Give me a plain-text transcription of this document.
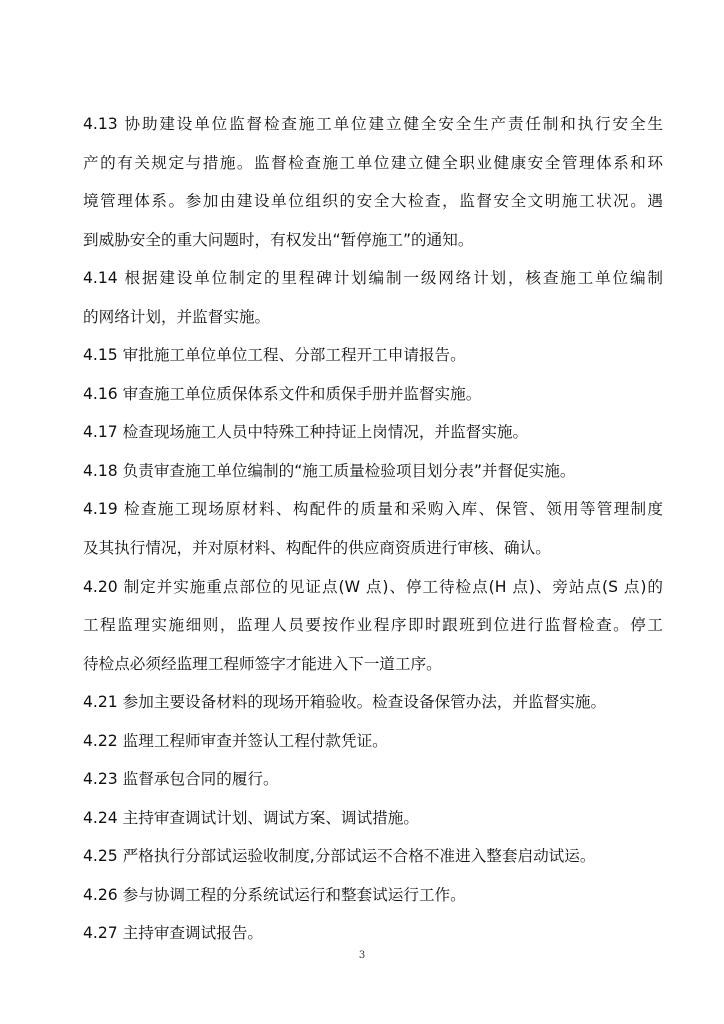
4.13 协助建设单位监督检查施工单位建立健全安全生产责任制和执行安全生
产的有关规定与措施。监督检查施工单位建立健全职业健康安全管理体系和环
境管理体系。参加由建设单位组织的安全大检查，监督安全文明施工状况。遇
到威胁安全的重大问题时，有权发出“暂停施工”的通知。
4.14 根据建设单位制定的里程碑计划编制一级网络计划，核查施工单位编制
的网络计划，并监督实施。
4.15 审批施工单位单位工程、分部工程开工申请报告。
4.16 审查施工单位质保体系文件和质保手册并监督实施。
4.17 检查现场施工人员中特殊工种持证上岗情况，并监督实施。
4.18 负责审查施工单位编制的“施工质量检验项目划分表”并督促实施。
4.19 检查施工现场原材料、构配件的质量和采购入库、保管、领用等管理制度
及其执行情况，并对原材料、构配件的供应商资质进行审核、确认。
4.20 制定并实施重点部位的见证点(W 点)、停工待检点(H 点)、旁站点(S 点)的
工程监理实施细则，监理人员要按作业程序即时跟班到位进行监督检查。停工
待检点必须经监理工程师签字才能进入下一道工序。
4.21 参加主要设备材料的现场开箱验收。检查设备保管办法，并监督实施。
4.22 监理工程师审查并签认工程付款凭证。
4.23 监督承包合同的履行。
4.24 主持审查调试计划、调试方案、调试措施。
4.25 严格执行分部试运验收制度,分部试运不合格不准进入整套启动试运。
4.26 参与协调工程的分系统试运行和整套试运行工作。
4.27 主持审查调试报告。
3
